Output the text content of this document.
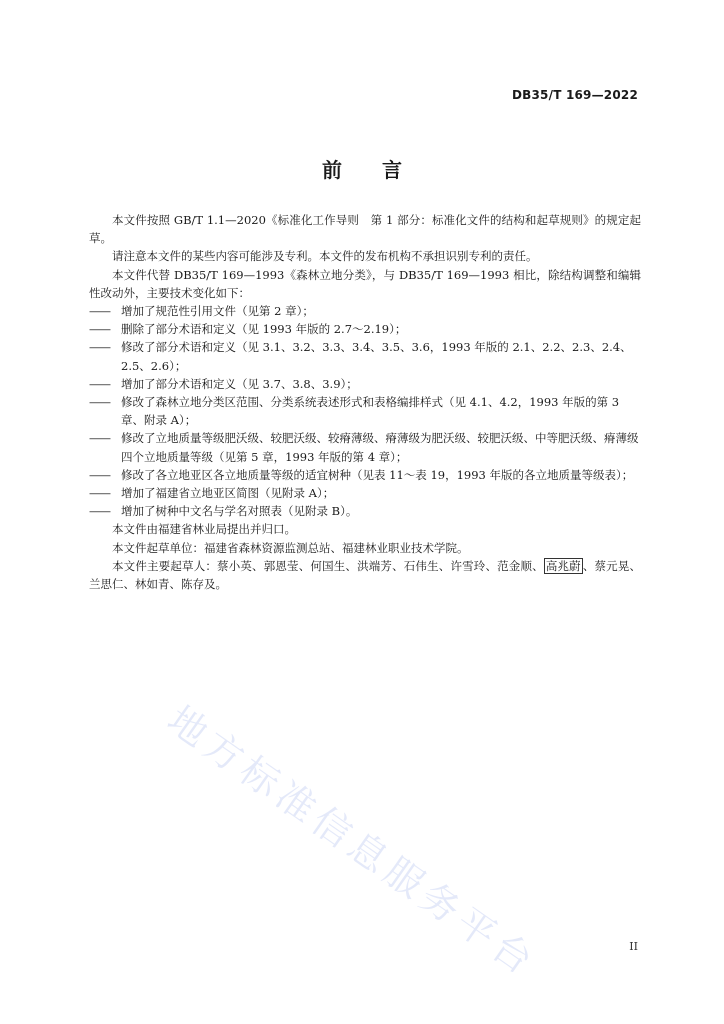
DB35/T 169—2022
前 言

本文件按照 GB/T 1.1—2020《标准化工作导则　第 1 部分：标准化文件的结构和起草规则》的规定起草。

请注意本文件的某些内容可能涉及专利。本文件的发布机构不承担识别专利的责任。

本文件代替 DB35/T 169—1993《森林立地分类》，与 DB35/T 169—1993 相比，除结构调整和编辑性改动外，主要技术变化如下：

—— 增加了规范性引用文件（见第 2 章）；

—— 删除了部分术语和定义（见 1993 年版的 2.7～2.19）；

—— 修改了部分术语和定义（见 3.1、3.2、3.3、3.4、3.5、3.6，1993 年版的 2.1、2.2、2.3、2.4、2.5、2.6）；

—— 增加了部分术语和定义（见 3.7、3.8、3.9）；

—— 修改了森林立地分类区范围、分类系统表述形式和表格编排样式（见 4.1、4.2，1993 年版的第 3 章、附录 A）；

—— 修改了立地质量等级肥沃级、较肥沃级、较瘠薄级、瘠薄级为肥沃级、较肥沃级、中等肥沃级、瘠薄级四个立地质量等级（见第 5 章，1993 年版的第 4 章）；

—— 修改了各立地亚区各立地质量等级的适宜树种（见表 11～表 19，1993 年版的各立地质量等级表）；

—— 增加了福建省立地亚区简图（见附录 A）；

—— 增加了树种中文名与学名对照表（见附录 B）。

本文件由福建省林业局提出并归口。

本文件起草单位：福建省森林资源监测总站、福建林业职业技术学院。

本文件主要起草人：蔡小英、郭恩莹、何国生、洪端芳、石伟生、许雪玲、范金顺、 高兆蔚 、蔡元晃、兰思仁、林如青、陈存及。

地方标准信息服务平台	II
